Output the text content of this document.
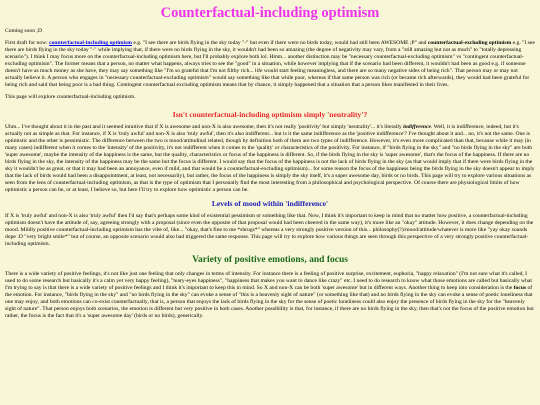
Counterfactual-including optimism

Coming soon ;D

First draft for now: counterfactual-including optimism e.g. "I see there are birds flying in the sky today "-" but even if there were no birds today, would had still been AWESOME ;P" and counterfactual-excluding optimism e.g. "I see there are birds flying in the sky today "-" while implying that, if there were no birds flying in the sky, it wouldn't had been so amazing (the degree of negativity may vary, from a "still amazing but not as much" to "totally depressing scenario"). I think I may focus more on the counterfactual-including optimism here, but I'll probably explore both lol. Hmm... another distinction may be "necessary counterfactual-excluding optimism" vs "contingent counterfactual-excluding optimism". The former means that a person, no matter what happens, always tries to see the "good" in a situation, while however implying that if the scenario had been different, it wouldn't had been as good e.g. if someone doesn't have as much money as she have, they may say something like "I'm so grateful that I'm not filthy rich... life would start feeling meaningless, and there are so many negative sides of being rich". That person may or may not actually believe it. A person who engages in "necessary counterfactual-excluding optimism" would say something like that while poor, whereas if that same person was rich (or became rich afterwards), they would had been grateful for being rich and said that being poor is a bad thing. Contingent counterfactual excluding optimism means that by chance, it simply happened that a situation that a person likes manifested in their lives.

This page will explore counterfactual-including optimism.

Isn't counterfactual-including optimism simply 'neutrality'?

Uhm... I've thought about it in the past and it seemed intuitive that if X is awesome and non-X is also awesome, then it's not really 'positivity' but simply 'neutrality'... it's literally indifference. Well, it is indifference, indeed, but it's actually not as simple as that. For instance, if X is 'truly awful' and non-X is also 'truly awful', then it's also indifferent... but is it the same indifference as the 'positive indifference'? I've thought about it and... no, it's not the same. One is optimistic and the other is pessimistic. The difference between the two is mood/attitudinal related, though by definition both of them are two types of indifference. However, it's even more complicated than that, because while it may (in many cases) indifferent when it comes to the 'intensity' of the positivity, it's not indifferent when it comes to the 'quality' or characteristics of the positivity. For instance, if "birds flying in the sky" and "no birds flying in the sky" are both 'super awesome', maybe the intensity of the happiness is the same, but the quality, characteristics or focus of the happiness is different. So, if the birds flying in the sky is 'super awesome', that's the focus of the happiness. If there are no birds flying in the sky, the intensity of the happiness may be the same but the focus is different. I would say that the focus of the happiness is not the lack of birds flying in the sky (as that would imply that if there were birds flying in the sky it wouldn't be as great, or that it may had been an annoyance, even if mild, and that would be a counterfactual-excluding optimism)... for some reason the focus of the happiness being the birds flying in the sky doesn't appear to imply that the lack of birds would had been a disappointment, at least, not necessarily), but rather, the focus of the happiness is simply the sky itself, it's a super awesome day, birds or no birds. This page will try to explore various situations as seen from the lens of counterfactual-including optimism, as that is the type of optimism that I personally find the most interesting from a philosophical and psychological perspective. Of course there are physiological limits of how optimistic a person can be, or at least, I believe so, but here I'll try to explore how optimistic a person can be.

Levels of mood within 'indifference'

If X is 'truly awful' and non-X is also 'truly awful' then I'd say that's perhaps some kind of existential pessimism or something like that. Now, I think it's important to keep in mind that no matter how positive, a counterfactual-including optimism doesn't have the attitude of, say, agreeing strongly with a proposal (since even the opposite of that proposal would had been cheered in the same way), it's more like an "okay" attitude. However, it does change depending on the mood. Mildly positive counterfactual-including optimism has the vibe of, like... "okay, that's fine to me *shrugs*" whereas a very strongly positive version of this... philosophy(?)/mood/attitude/whatever is more like "yay okay sounds dope :D "very bright smile*" but of course, an opposite scenario would also had triggered the same response. This page will try to explore how various things are seen through this perspective of a very strongly positive counterfactual-including optimism.

Variety of positive emotions, and focus

There is a wide variety of positive feelings, it's not like just one feeling that only changes in terms of intensity. For instance there is a feeling of positive surprise, excitement, euphoria, "happy relaxation" (I'm not sure what it's called, I used to do some research but basically it's a calm yet very happy feeling), "teary-eyes happiness", "happiness that makes you want to dance like crazy" etc. I need to do research to know what those emotions are called but basically what I'm trying to say is that there is a wide variety of positive feelings and I think it's important to keep this in mind. So X and non-X can be both 'super awesome' but in different ways. Another thing to keep into consideration is the focus of the emotion. For instance, "birds flying in the sky" and "no birds flying in the sky" can evoke a sense of "this is a heavenly sight of nature" (or something like that) and no birds flying in the sky can evoke a sense of poetic loneliness that one may enjoy, and both emotions can co-exist counterfactually, that is, a person that enjoys the lack of birds flying in the sky for the sense of poetic loneliness could also enjoy the presence of birds flying in the sky for the "heavenly sight of nature". That person enjoys both scenarios, the emotion is different but very positive in both cases. Another possibility is that, for instance, if there are no birds flying in the sky, then that's not the focus of the positive emotion but rather, the focus is the fact that it's a 'super awesome day' (birds or no birds), generically.
